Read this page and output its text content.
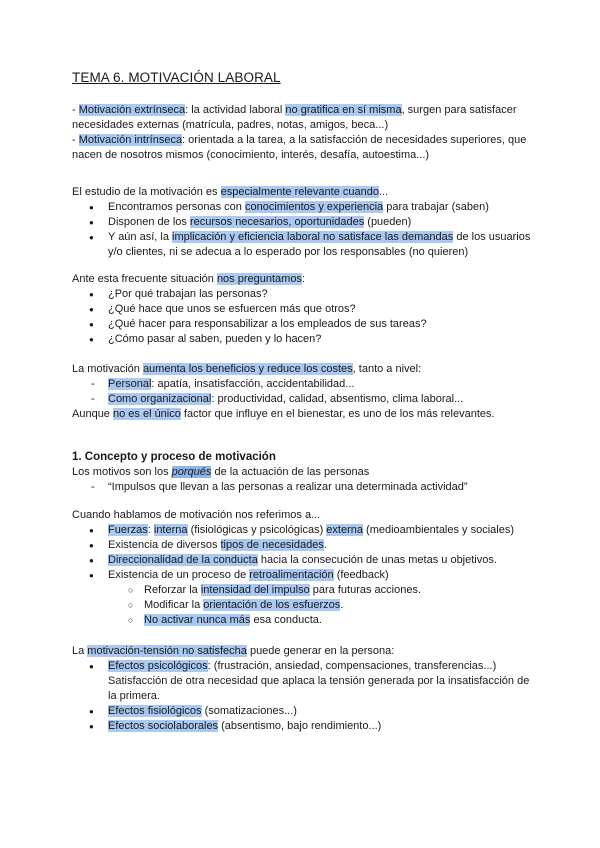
TEMA 6. MOTIVACIÓN LABORAL

- Motivación extrínseca: la actividad laboral no gratifica en sí misma, surgen para satisfacer necesidades externas (matrícula, padres, notas, amigos, beca...)

- Motivación intrínseca: orientada a la tarea, a la satisfacción de necesidades superiores, que nacen de nosotros mismos (conocimiento, interés, desafía, autoestima...)

El estudio de la motivación es especialmente relevante cuando...

● Encontramos personas con conocimientos y experiencia para trabajar (saben)
● Disponen de los recursos necesarios, oportunidades (pueden)
● Y aún así, la implicación y eficiencia laboral no satisface las demandas de los usuarios y/o clientes, ni se adecua a lo esperado por los responsables (no quieren)

Ante esta frecuente situación nos preguntamos:

● ¿Por qué trabajan las personas?
● ¿Qué hace que unos se esfuercen más que otros?
● ¿Qué hacer para responsabilizar a los empleados de sus tareas?
● ¿Cómo pasar al saben, pueden y lo hacen?

La motivación aumenta los beneficios y reduce los costes, tanto a nivel:

- Personal: apatía, insatisfacción, accidentabilidad...
- Como organizacional: productividad, calidad, absentismo, clima laboral...

Aunque no es el único factor que influye en el bienestar, es uno de los más relevantes.

1. Concepto y proceso de motivación

Los motivos son los porqués de la actuación de las personas

- “Impulsos que llevan a las personas a realizar una determinada actividad”

Cuando hablamos de motivación nos referimos a...

● Fuerzas: interna (fisiológicas y psicológicas) externa (medioambientales y sociales)
● Existencia de diversos tipos de necesidades.
● Direccionalidad de la conducta hacia la consecución de unas metas u objetivos.
● Existencia de un proceso de retroalimentación (feedback)
○ Reforzar la intensidad del impulso para futuras acciones.
○ Modificar la orientación de los esfuerzos.
○ No activar nunca más esa conducta.

La motivación-tensión no satisfecha puede generar en la persona:

● Efectos psicológicos: (frustración, ansiedad, compensaciones, transferencias...) Satisfacción de otra necesidad que aplaca la tensión generada por la insatisfacción de la primera.
● Efectos fisiológicos (somatizaciones...)
● Efectos sociolaborales (absentismo, bajo rendimiento...)
